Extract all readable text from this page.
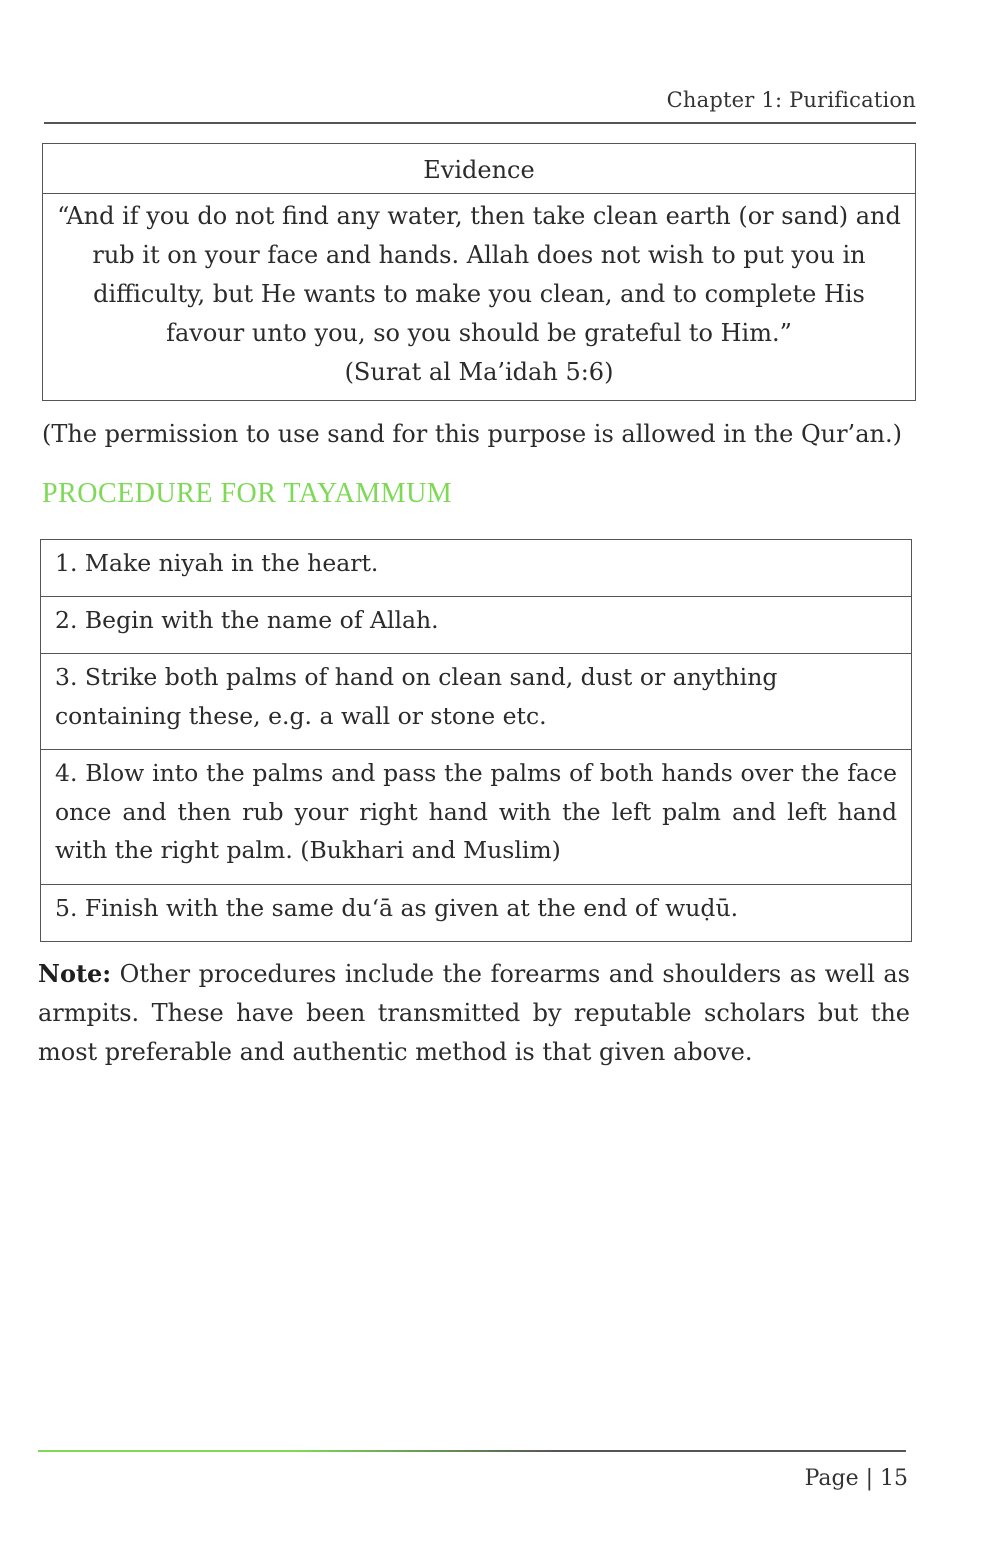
Chapter 1: Purification
Evidence
“And if you do not find any water, then take clean earth (or sand) and rub it on your face and hands. Allah does not wish to put you in difficulty, but He wants to make you clean, and to complete His favour unto you, so you should be grateful to Him.”
(Surat al Ma’idah 5:6)
(The permission to use sand for this purpose is allowed in the Qur’an.)
PROCEDURE FOR TAYAMMUM
1. Make niyah in the heart.
2. Begin with the name of Allah.
3. Strike both palms of hand on clean sand, dust or anything containing these, e.g. a wall or stone etc.
4. Blow into the palms and pass the palms of both hands over the face once and then rub your right hand with the left palm and left hand with the right palm. (Bukhari and Muslim)
5. Finish with the same du‘ā as given at the end of wuḍū.
Note: Other procedures include the forearms and shoulders as well as armpits. These have been transmitted by reputable scholars but the most preferable and authentic method is that given above.
Page | 15
